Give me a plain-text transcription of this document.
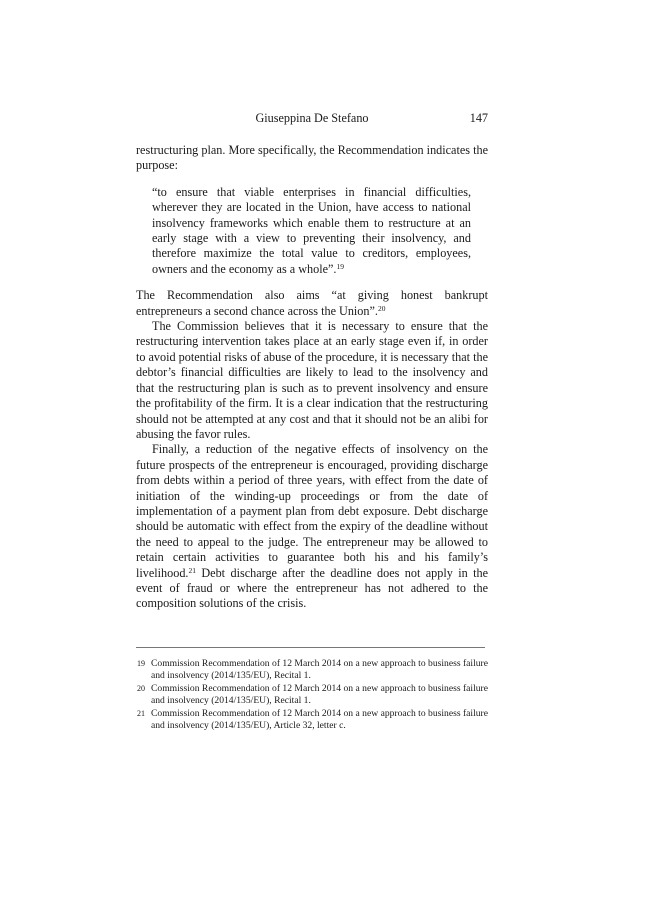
Giuseppina De Stefano	147

restructuring plan. More specifically, the Recommendation indicates the purpose:

“to ensure that viable enterprises in financial difficulties, wherever they are located in the Union, have access to national insolvency frameworks which enable them to restructure at an early stage with a view to preventing their insolvency, and therefore maximize the total value to creditors, employees, owners and the economy as a whole”.$^{19}$

The Recommendation also aims “at giving honest bankrupt entrepreneurs a second chance across the Union”.$^{20}$

The Commission believes that it is necessary to ensure that the restructuring intervention takes place at an early stage even if, in order to avoid potential risks of abuse of the procedure, it is necessary that the debtor’s financial difficulties are likely to lead to the insolvency and that the restructuring plan is such as to prevent insolvency and ensure the profitability of the firm. It is a clear indication that the restructuring should not be attempted at any cost and that it should not be an alibi for abusing the favor rules.

Finally, a reduction of the negative effects of insolvency on the future prospects of the entrepreneur is encouraged, providing discharge from debts within a period of three years, with effect from the date of initiation of the winding-up proceedings or from the date of implementation of a payment plan from debt exposure. Debt discharge should be automatic with effect from the expiry of the deadline without the need to appeal to the judge. The entrepreneur may be allowed to retain certain activities to guarantee both his and his family’s livelihood.$^{21}$ Debt discharge after the deadline does not apply in the event of fraud or where the entrepreneur has not adhered to the composition solutions of the crisis.

19 Commission Recommendation of 12 March 2014 on a new approach to business failure and insolvency (2014/135/EU), Recital 1.
20 Commission Recommendation of 12 March 2014 on a new approach to business failure and insolvency (2014/135/EU), Recital 1.
21 Commission Recommendation of 12 March 2014 on a new approach to business failure and insolvency (2014/135/EU), Article 32, letter c.
